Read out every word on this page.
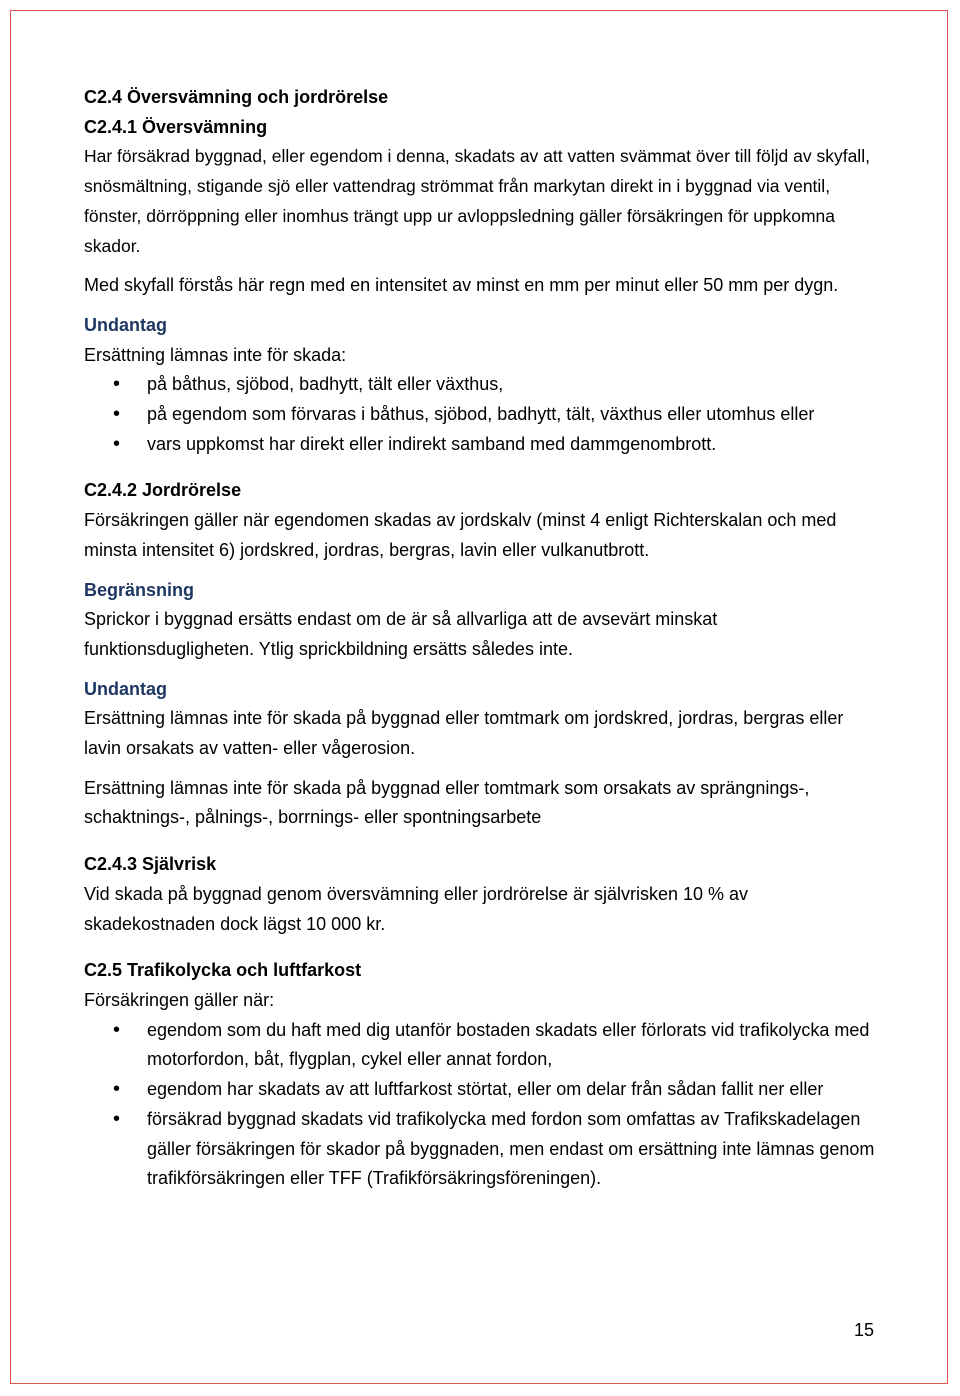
C2.4 Översvämning och jordrörelse
C2.4.1 Översvämning

Har försäkrad byggnad, eller egendom i denna, skadats av att vatten svämmat över till följd av skyfall, snösmältning, stigande sjö eller vattendrag strömmat från markytan direkt in i byggnad via ventil, fönster, dörröppning eller inomhus trängt upp ur avloppsledning gäller försäkringen för uppkomna skador.

Med skyfall förstås här regn med en intensitet av minst en mm per minut eller 50 mm per dygn.

Undantag
Ersättning lämnas inte för skada:
• på båthus, sjöbod, badhytt, tält eller växthus,
• på egendom som förvaras i båthus, sjöbod, badhytt, tält, växthus eller utomhus eller
• vars uppkomst har direkt eller indirekt samband med dammgenombrott.
C2.4.2 Jordrörelse

Försäkringen gäller när egendomen skadas av jordskalv (minst 4 enligt Richterskalan och med minsta intensitet 6) jordskred, jordras, bergras, lavin eller vulkanutbrott.

Begränsning

Sprickor i byggnad ersätts endast om de är så allvarliga att de avsevärt minskat funktionsdugligheten. Ytlig sprickbildning ersätts således inte.

Undantag

Ersättning lämnas inte för skada på byggnad eller tomtmark om jordskred, jordras, bergras eller lavin orsakats av vatten- eller vågerosion.

Ersättning lämnas inte för skada på byggnad eller tomtmark som orsakats av sprängnings-, schaktnings-, pålnings-, borrnings- eller spontningsarbete

C2.4.3 Självrisk

Vid skada på byggnad genom översvämning eller jordrörelse är självrisken 10 % av skadekostnaden dock lägst 10 000 kr.

C2.5 Trafikolycka och luftfarkost
Försäkringen gäller när:
• egendom som du haft med dig utanför bostaden skadats eller förlorats vid trafikolycka med motorfordon, båt, flygplan, cykel eller annat fordon,
• egendom har skadats av att luftfarkost störtat, eller om delar från sådan fallit ner eller
• försäkrad byggnad skadats vid trafikolycka med fordon som omfattas av Trafikskadelagen gäller försäkringen för skador på byggnaden, men endast om ersättning inte lämnas genom trafikförsäkringen eller TFF (Trafikförsäkringsföreningen).
15
